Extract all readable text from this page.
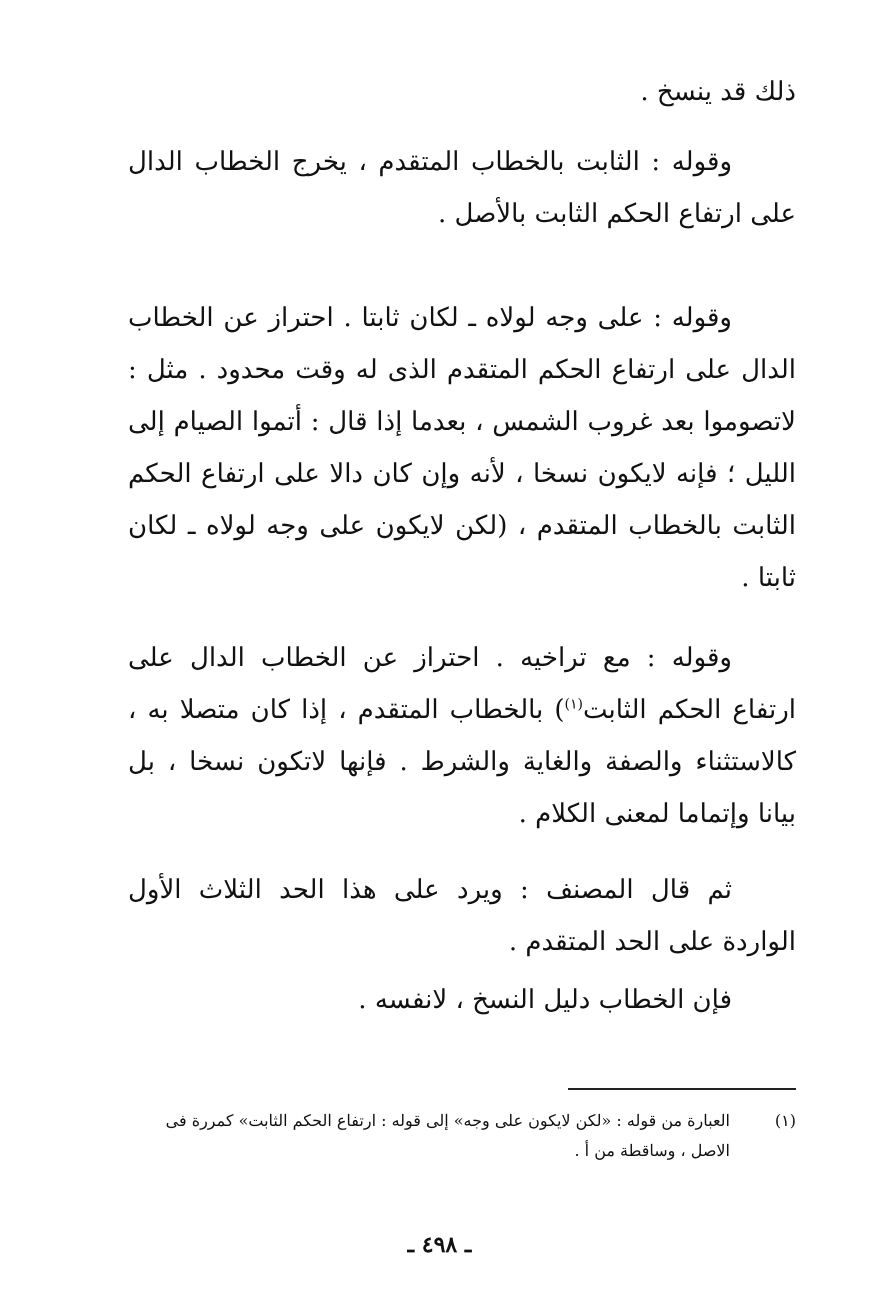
ذلك قد ينسخ .

وقوله : الثابت بالخطاب المتقدم ، يخرج الخطاب الدال على ارتفاع الحكم الثابت بالأصل .

وقوله : على وجه لولاه ـ لكان ثابتا . احتراز عن الخطاب الدال على ارتفاع الحكم المتقدم الذى له وقت محدود . مثل : لاتصوموا بعد غروب الشمس ، بعدما إذا قال : أتموا الصيام إلى الليل ؛ فإنه لايكون نسخا ، لأنه وإن كان دالا على ارتفاع الحكم الثابت بالخطاب المتقدم ، (لكن لايكون على وجه لولاه ـ لكان ثابتا .

وقوله : مع تراخيه . احتراز عن الخطاب الدال على ارتفاع الحكم الثابت$^{(١)}$) بالخطاب المتقدم ، إذا كان متصلا به ، كالاستثناء والصفة والغاية والشرط . فإنها لاتكون نسخا ، بل بيانا وإتماما لمعنى الكلام .

ثم قال المصنف : ويرد على هذا الحد الثلاث الأول الواردة على الحد المتقدم .

فإن الخطاب دليل النسخ ، لانفسه .

(١)
العبارة من قوله : «لكن لايكون على وجه» إلى قوله : ارتفاع الحكم الثابت» كمررة فى الاصل ، وساقطة من أ .
ـ ٤٩٨ ـ
